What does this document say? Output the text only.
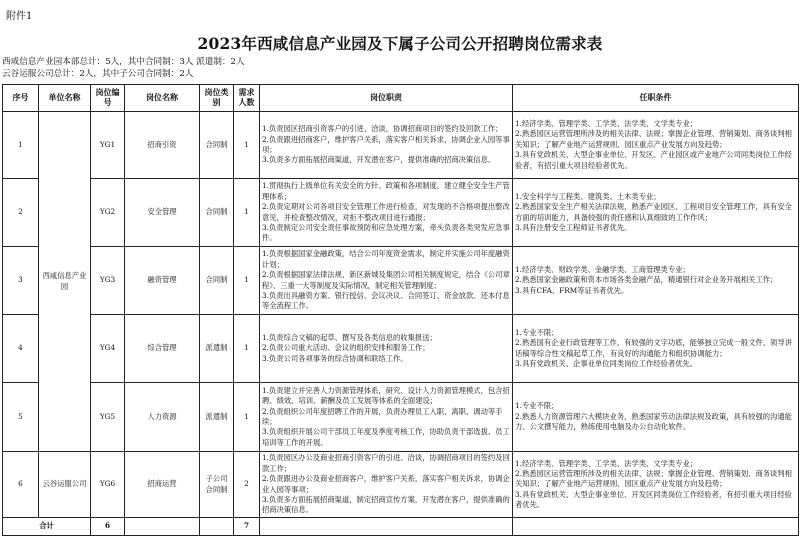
附件1
2023年西咸信息产业园及下属子公司公开招聘岗位需求表
西咸信息产业园本部总计：5人，其中合同制：3人 派遣制：2人
云谷运服公司总计：2人，其中子公司合同制：2人
序号	单位名称	岗位编号	岗位名称	岗位类别	需求人数	岗位职责	任职条件
1	西咸信息产业园	YG1	招商引资	合同制	1	1.负责园区招商引资客户的引进、洽谈，协调招商项目的签约及回款工作；
2.负责跟进招商客户，维护客户关系，落实客户相关诉求，协调企业入园等事项；
3.负责多方面拓展招商渠道，开发潜在客户，提供准确的招商决策信息。	1.经济学类、管理学类、工学类、法学类、文学类专业；
2.熟悉园区运营管理所涉及的相关法律、法规；掌握企业管理、营销策划、商务谈判相关知识；了解产业地产运营规则、园区重点产业发展方向及趋势；
3.具有党政机关、大型企事业单位、开发区、产业园区或产业地产公司同类岗位工作经验者，有招引重大项目经验者优先。

2		YG2	安全管理	合同制	1	1.贯彻执行上级单位有关安全的方针、政策和各项制度，建立健全安全生产管理体系；
2.负责定期对公司各项目安全管理工作进行检查，对发现的不合格项提出整改意见，并检查整改情况，对拒不整改项目进行通报；
3.负责制定公司安全责任事故预防和应急处理方案，牵头负责各类突发应急事件。	1.安全科学与工程类、建筑类、土木类专业；
2.熟悉国家安全生产相关法律法规，熟悉产业园区、工程项目安全管理工作，具有安全方面的培训能力，具备较强的责任感和认真细致的工作作风；
3.具有注册安全工程师证书者优先。

3		YG3	融资管理	合同制	1	1.负责根据国家金融政策，结合公司年度资金需求，制定并实施公司年度融资计划；
2.负责根据国家法律法规、新区新城及集团公司相关制度规定，结合《公司章程》、三重一大等制度及实际情况，制定相关管理制度；
3.负责出具融资方案、银行授信、会议决议、合同签订、资金放款、还本付息等全流程工作。	1.经济学类、财政学类、金融学类、工商管理类专业；
2.熟悉国家金融政策和资本市场各类金融产品，精通银行对企业务开展相关工作；
3.具有CFA、FRM等证书者优先。

4		YG4	综合管理	派遣制	1	1.负责综合文稿的起草、撰写及各类信息的收集报送；
2.负责公司重大活动、会议的组织安排和服务工作；
3.负责公司各项事务的综合协调和联络工作。	1.专业不限；
2.熟悉国有企业行政管理等工作，有较强的文字功底，能够独立完成一般文件、领导讲话稿等综合性文稿起草工作，有良好的沟通能力和组织协调能力；
3.具有党政机关、企事业单位同类岗位工作经验者优先。

5		YG5	人力资源	派遣制	1	1.负责建立并完善人力资源管理体系，研究、设计人力资源管理模式，包含招聘、绩效、培训、薪酬及员工发展等体系的全面建设；
2.负责组织公司年度招聘工作的开展，负责办理员工入职、离职、调动等手续；
3.负责组织开展公司干部员工年度及季度考核工作，协助负责干部选拔、员工培训等工作的开展。	1.专业不限；
2.熟悉人力资源管理六大模块业务，熟悉国家劳动法律法规及政策，具有较强的沟通能力、公文撰写能力，熟练使用电脑及办公自动化软件。

6	云谷运服公司	YG6	招商运营	子公司合同制	2	1.负责园区办公及商业招商引资客户的引进、洽谈，协调招商项目的签约及回款工作；
2.负责跟进办公及商业招商客户，维护客户关系，落实客户相关诉求，协调企业入园等事项；
3.负责多方面拓展招商渠道，制定招商宣传方案，开发潜在客户，提供准确的招商决策信息。	1.经济学类、管理学类、工学类、法学类、文学类专业；
2.熟悉园区运营管理所涉及的相关法律、法规；掌握企业管理、营销策划、商务谈判相关知识；了解产业地产运营规则、园区重点产业发展方向及趋势；
3.具有党政机关、大型企事业单位、开发区同类岗位工作经验者，有招引重大项目经验者优先。

合计		6			7		
